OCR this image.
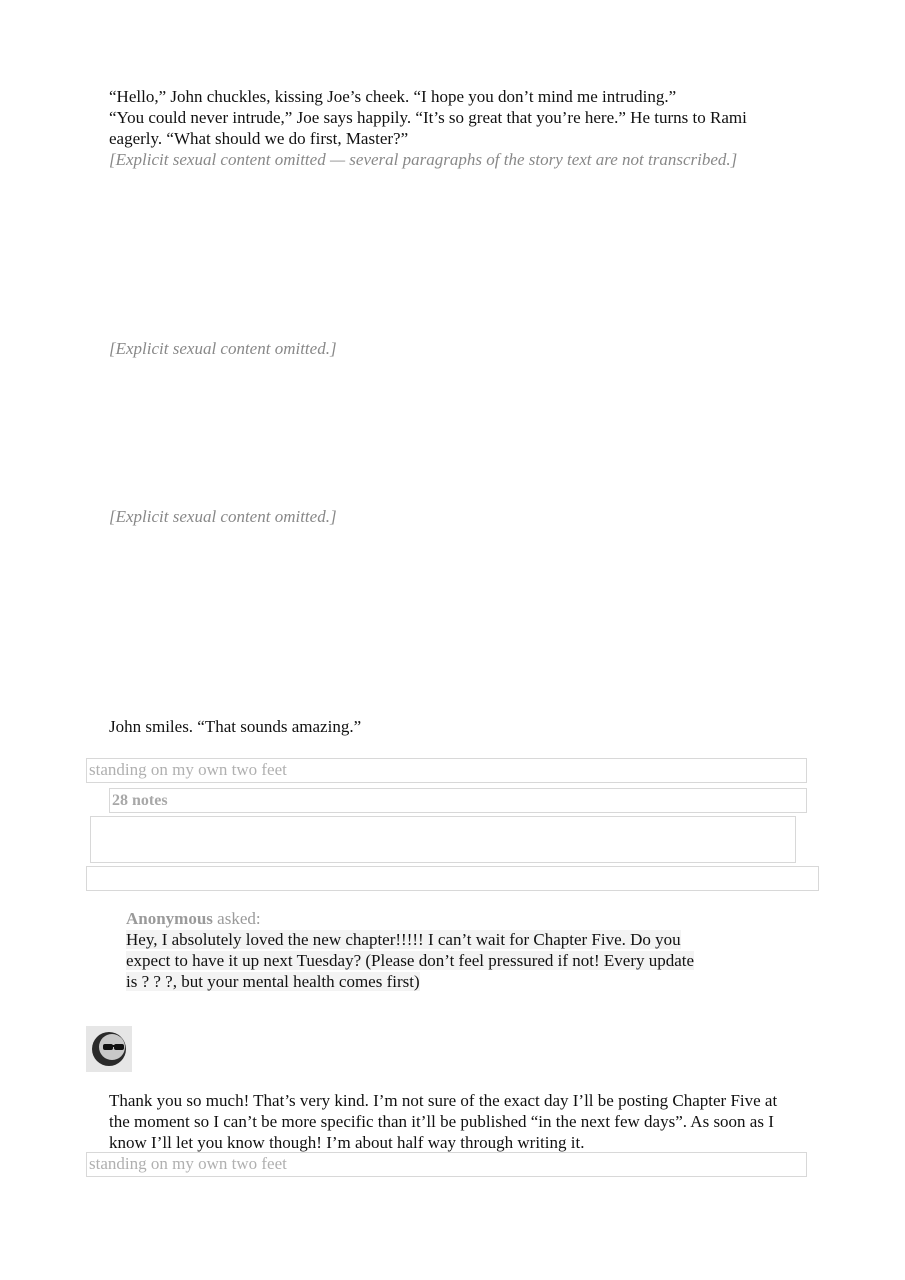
“Hello,” John chuckles, kissing Joe’s cheek. “I hope you don’t mind me intruding.”

“You could never intrude,” Joe says happily. “It’s so great that you’re here.” He turns to Rami eagerly. “What should we do first, Master?”

[Explicit sexual content omitted — several paragraphs of the story text are not transcribed.]

[Explicit sexual content omitted.]

[Explicit sexual content omitted.]

John smiles. “That sounds amazing.”

standing on my own two feet
28 notes
Anonymous asked:
Hey, I absolutely loved the new chapter!!!!! I can’t wait for Chapter Five. Do you expect to have it up next Tuesday? (Please don’t feel pressured if not! Every update is ? ? ?, but your mental health comes first)
Thank you so much! That’s very kind. I’m not sure of the exact day I’ll be posting Chapter Five at the moment so I can’t be more specific than it’ll be published “in the next few days”. As soon as I know I’ll let you know though! I’m about half way through writing it.
standing on my own two feet
